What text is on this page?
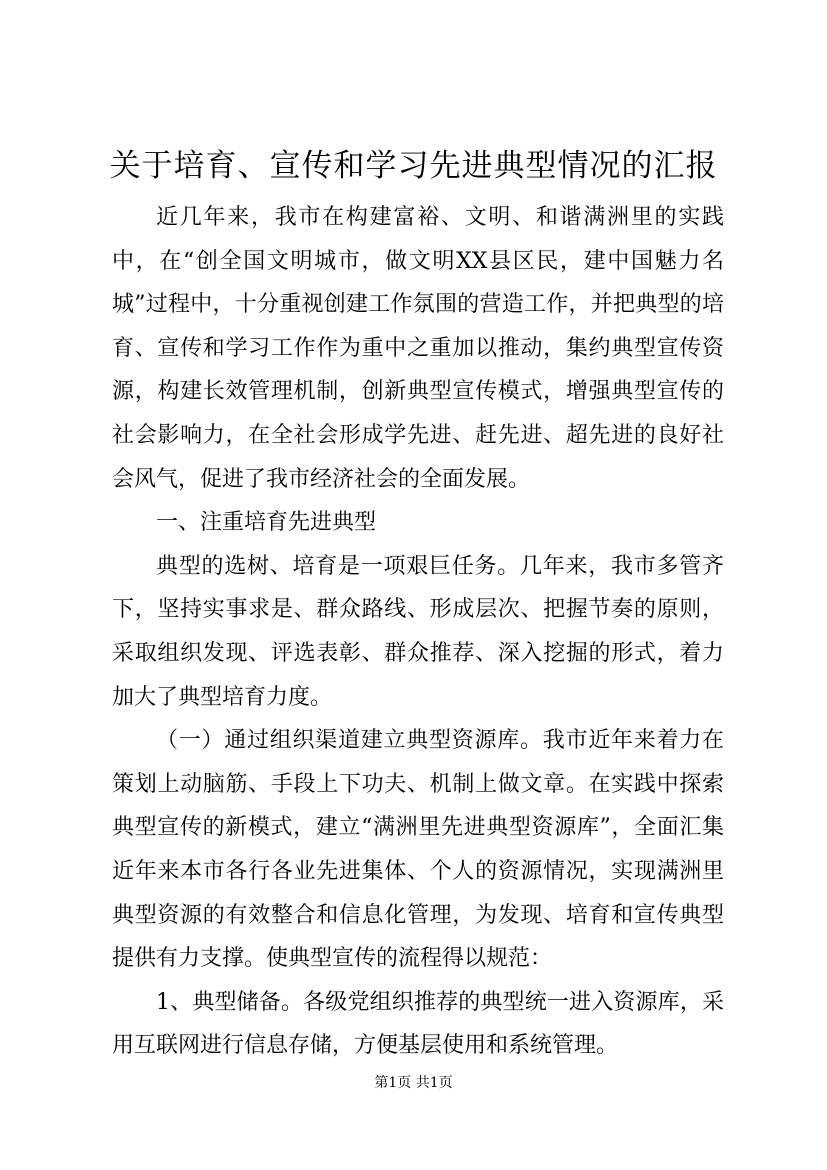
关于培育、宣传和学习先进典型情况的汇报

近几年来，我市在构建富裕、文明、和谐满洲里的实践中，在“创全国文明城市，做文明XX县区民，建中国魅力名城”过程中，十分重视创建工作氛围的营造工作，并把典型的培育、宣传和学习工作作为重中之重加以推动，集约典型宣传资源，构建长效管理机制，创新典型宣传模式，增强典型宣传的社会影响力，在全社会形成学先进、赶先进、超先进的良好社会风气，促进了我市经济社会的全面发展。

一、注重培育先进典型

典型的选树、培育是一项艰巨任务。几年来，我市多管齐下，坚持实事求是、群众路线、形成层次、把握节奏的原则，采取组织发现、评选表彰、群众推荐、深入挖掘的形式，着力加大了典型培育力度。

（一）通过组织渠道建立典型资源库。我市近年来着力在策划上动脑筋、手段上下功夫、机制上做文章。在实践中探索典型宣传的新模式，建立“满洲里先进典型资源库”，全面汇集近年来本市各行各业先进集体、个人的资源情况，实现满洲里典型资源的有效整合和信息化管理，为发现、培育和宣传典型提供有力支撑。使典型宣传的流程得以规范：

1、典型储备。各级党组织推荐的典型统一进入资源库，采用互联网进行信息存储，方便基层使用和系统管理。

第1页 共1页
